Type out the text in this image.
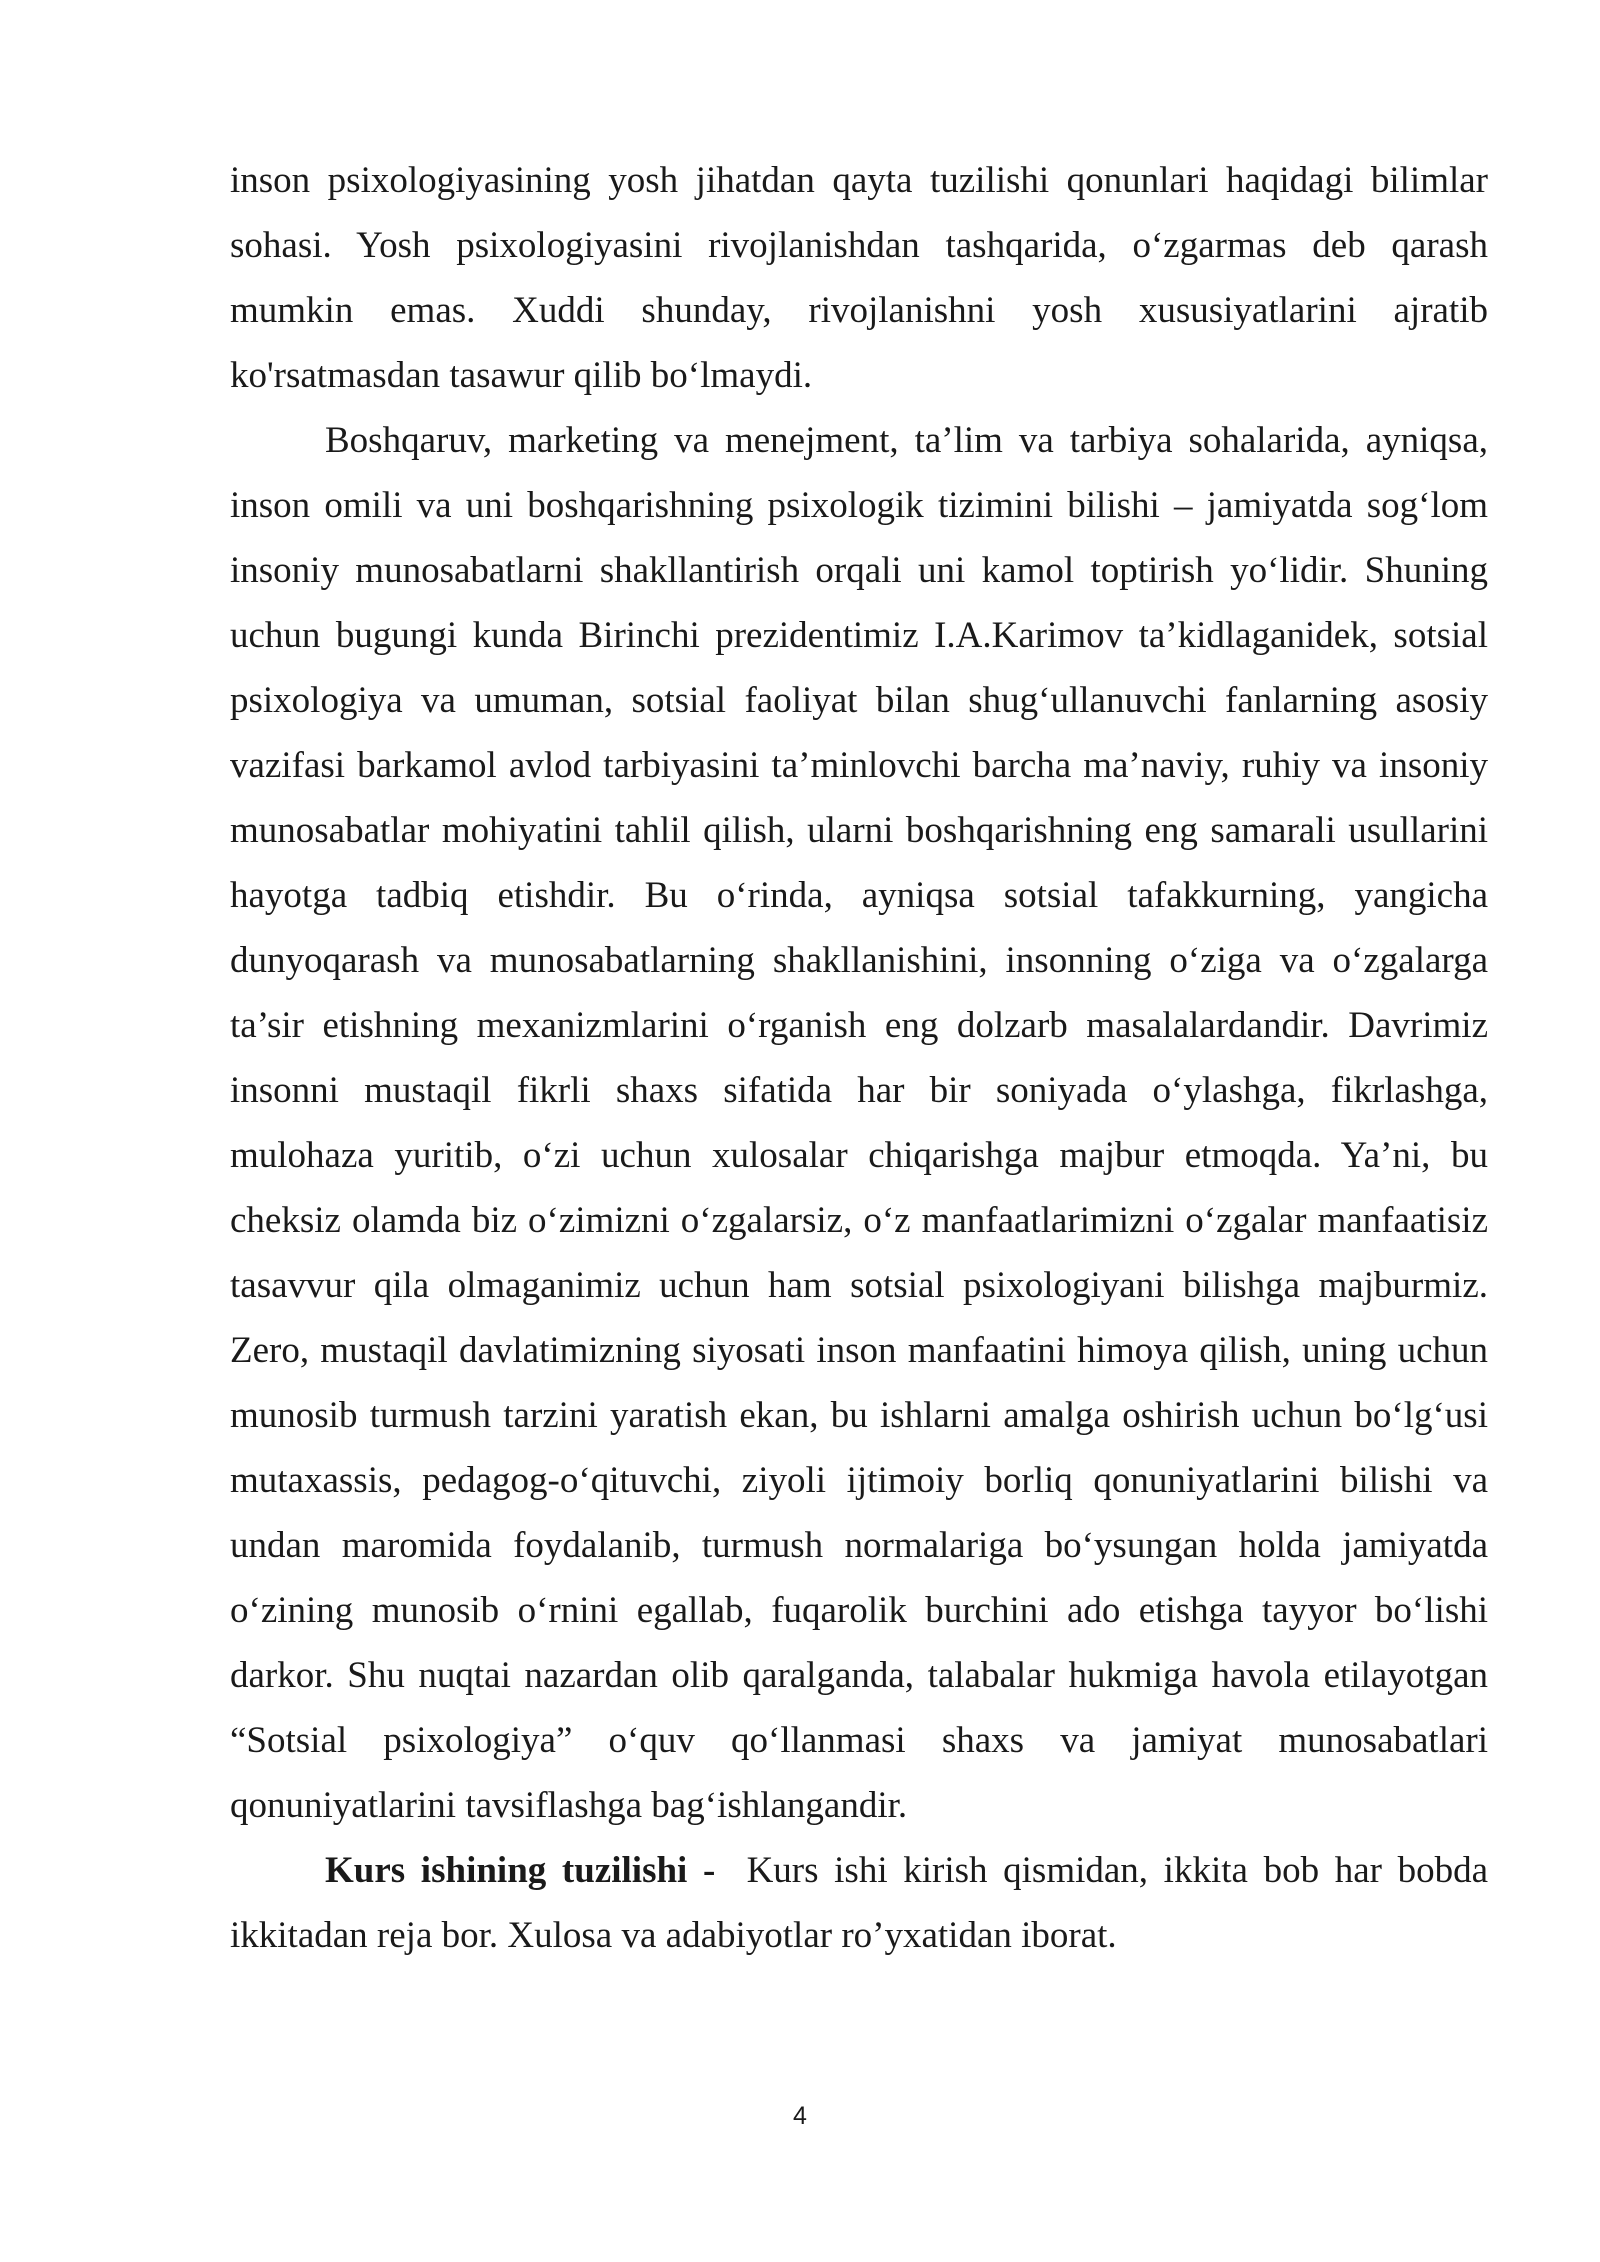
inson psixologiyasining yosh jihatdan qayta tuzilishi qonunlari haqidagi bilimlar sohasi. Yosh psixologiyasini rivojlanishdan tashqarida, o‘zgarmas deb qarash mumkin emas. Xuddi shunday, rivojlanishni yosh xususiyatlarini ajratib ko'rsatmasdan tasawur qilib bo‘lmaydi.

Boshqaruv, marketing va menejment, ta’lim va tarbiya sohalarida, ayniqsa, inson omili va uni boshqarishning psixologik tizimini bilishi – jamiyatda sog‘lom insoniy munosabatlarni shakllantirish orqali uni kamol toptirish yo‘lidir. Shuning uchun bugungi kunda Birinchi prezidentimiz I.A.Karimov ta’kidlaganidek, sotsial psixologiya va umuman, sotsial faoliyat bilan shug‘ullanuvchi fanlarning asosiy vazifasi barkamol avlod tarbiyasini ta’minlovchi barcha ma’naviy, ruhiy va insoniy munosabatlar mohiyatini tahlil qilish, ularni boshqarishning eng samarali usullarini hayotga tadbiq etishdir. Bu o‘rinda, ayniqsa sotsial tafakkurning, yangicha dunyoqarash va munosabatlarning shakllanishini, insonning o‘ziga va o‘zgalarga ta’sir etishning mexanizmlarini o‘rganish eng dolzarb masalalardandir. Davrimiz insonni mustaqil fikrli shaxs sifatida har bir soniyada o‘ylashga, fikrlashga, mulohaza yuritib, o‘zi uchun xulosalar chiqarishga majbur etmoqda. Ya’ni, bu cheksiz olamda biz o‘zimizni o‘zgalarsiz, o‘z manfaatlarimizni o‘zgalar manfaatisiz tasavvur qila olmaganimiz uchun ham sotsial psixologiyani bilishga majburmiz. Zero, mustaqil davlatimizning siyosati inson manfaatini himoya qilish, uning uchun munosib turmush tarzini yaratish ekan, bu ishlarni amalga oshirish uchun bo‘lg‘usi mutaxassis, pedagog-o‘qituvchi, ziyoli ijtimoiy borliq qonuniyatlarini bilishi va undan maromida foydalanib, turmush normalariga bo‘ysungan holda jamiyatda o‘zining munosib o‘rnini egallab, fuqarolik burchini ado etishga tayyor bo‘lishi darkor. Shu nuqtai nazardan olib qaralganda, talabalar hukmiga havola etilayotgan “Sotsial psixologiya” o‘quv qo‘llanmasi shaxs va jamiyat munosabatlari qonuniyatlarini tavsiflashga bag‘ishlangandir.

Kurs ishining tuzilishi - Kurs ishi kirish qismidan, ikkita bob har bobda ikkitadan reja bor. Xulosa va adabiyotlar ro’yxatidan iborat.

4
